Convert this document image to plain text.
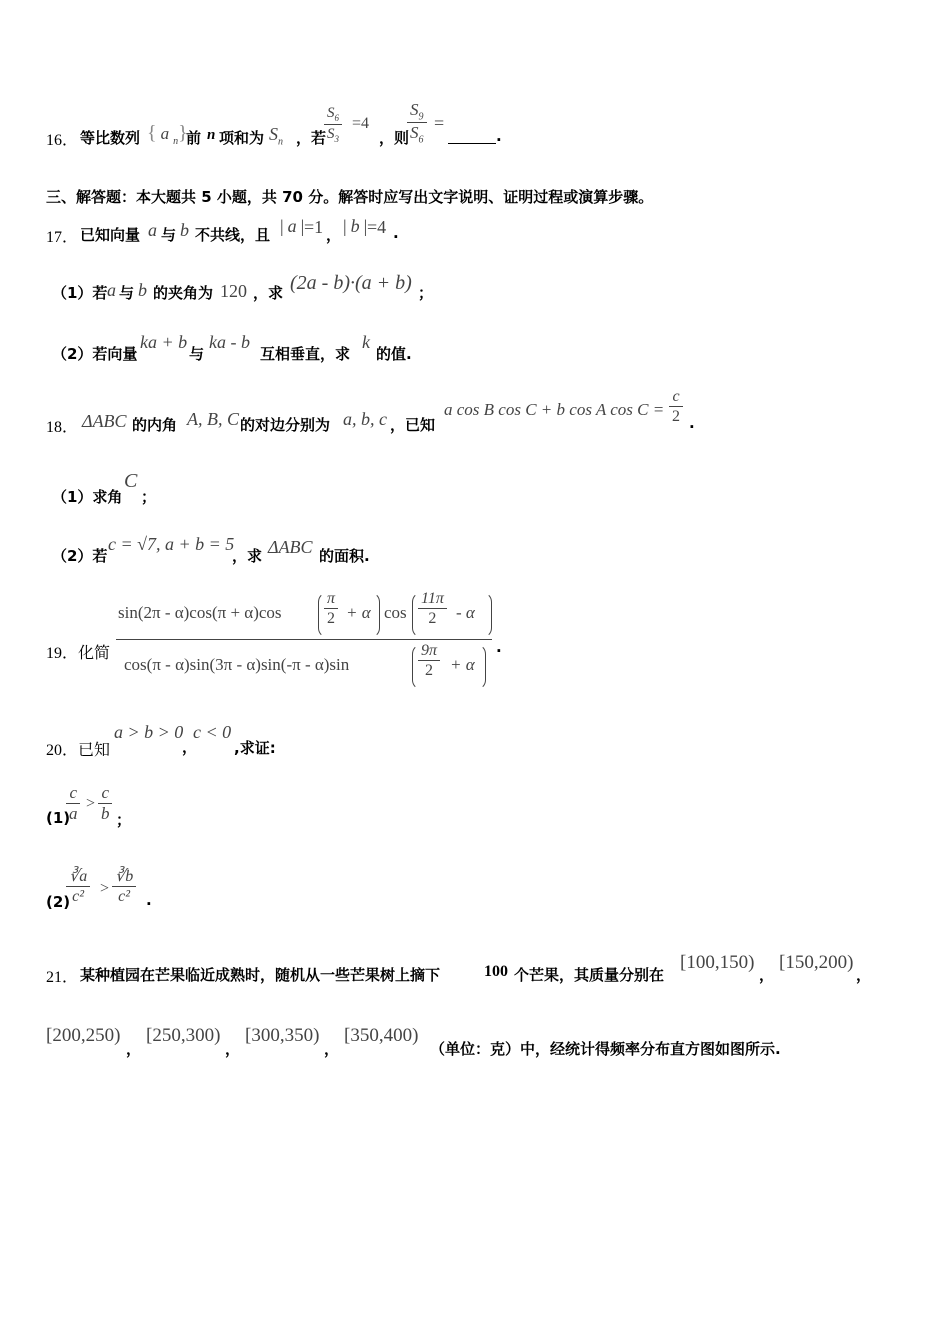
16． 等比数列 { a $_n$}
前 n 项和为 $S_n$ ，若
$\frac{S_6}{S_3} =4$
，则
$\frac{S_9}{S_6}$ =
.
三、解答题：本大题共 5 小题，共 70 分。解答时应写出文字说明、证明过程或演算步骤。
17． 已知向量 a 与 b 不共线，且 | a | =1 ， | b | =4 .
（1）若 a 与 b 的夹角为 120 ，求 (2a - b)·(a + b) ；
（2）若向量
ka + b
与
ka - b
互相垂直，求
k
的值.
18． ΔABC 的内角 A, B, C 的对边分别为 a, b, c ，已知
a cos B cos C + b cos A $\cos C = \frac{c}{2}$ .
（1）求角
C
；
（2）若
c = √7, a + b = 5
，求 ΔABC 的面积.
19．化简
sin(2π - α)cos(π + α)cos	$\frac{\pi}{2} + \alpha$ $\cos \frac{11\pi}{2}$ - α
cos(π - α)sin(3π - α)sin(-π - α)sin	$\frac{9\pi}{2} + \alpha$
.
20．已知
a > b > 0
，
c < 0
,求证:
(1)
$\frac{c}{a} > \frac{c}{b}$ ；
(2)
$\frac{∛a}{\text{c²}} > \frac{∛b}{\text{c²}}$ .
21． 某种植园在芒果临近成熟时，随机从一些芒果树上摘下	100 个芒果，其质量分别在
[100,150)
，
[150,200)
，
[200,250)
，
[250,300)
，
[300,350)
，
[350,400)
（单位：克）中，经统计得频率分布直方图如图所示.
